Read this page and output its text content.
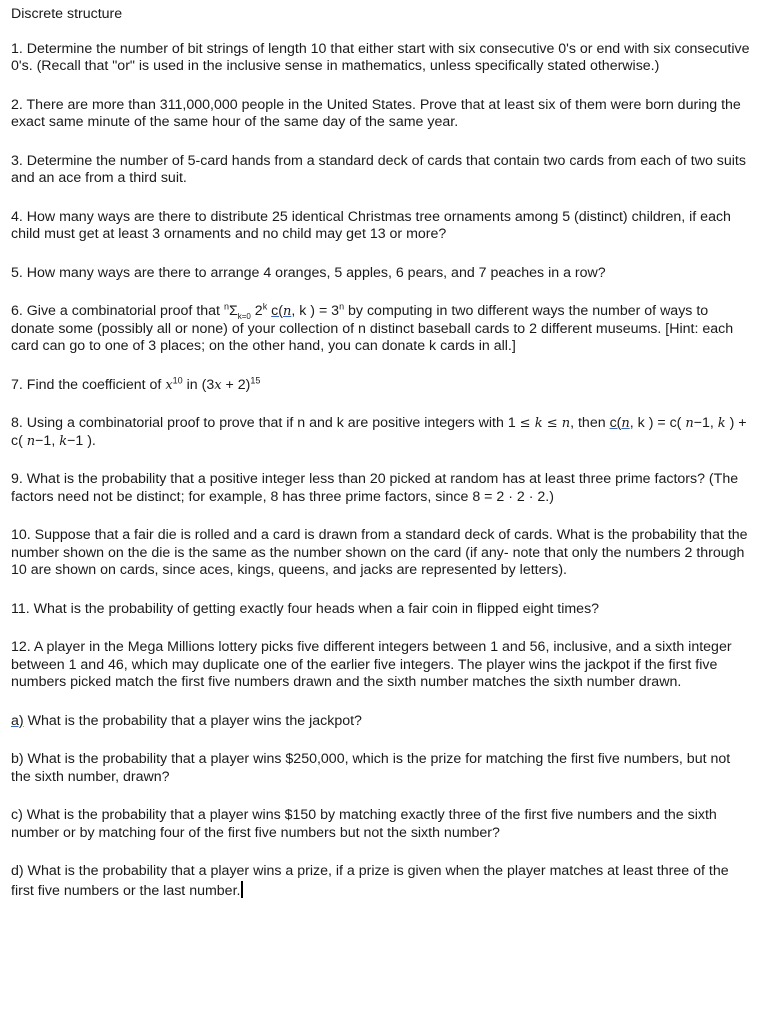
Discrete structure

1. Determine the number of bit strings of length 10 that either start with six consecutive 0's or end with six consecutive 0's. (Recall that "or" is used in the inclusive sense in mathematics, unless specifically stated otherwise.)

2. There are more than 311,000,000 people in the United States. Prove that at least six of them were born during the exact same minute of the same hour of the same day of the same year.

3. Determine the number of 5-card hands from a standard deck of cards that contain two cards from each of two suits and an ace from a third suit.

4. How many ways are there to distribute 25 identical Christmas tree ornaments among 5 (distinct) children, if each child must get at least 3 ornaments and no child may get 13 or more?

5. How many ways are there to arrange 4 oranges, 5 apples, 6 pears, and 7 peaches in a row?

6. Give a combinatorial proof that $^n\Sigma_{k=0}$ 2$^k$ c(n, k ) = $3^n$ by computing in two different ways the number of ways to donate some (possibly all or none) of your collection of n distinct baseball cards to 2 different museums. [Hint: each card can go to one of 3 places; on the other hand, you can donate k cards in all.]

7. Find the coefficient of $x^{10}$ in $(3x + 2)^{15}$

8. Using a combinatorial proof to prove that if n and k are positive integers with 1 ≤ k ≤ n, then c(n, k ) = c( n−1, k ) + c( n−1, k−1 ).

9. What is the probability that a positive integer less than 20 picked at random has at least three prime factors? (The factors need not be distinct; for example, 8 has three prime factors, since 8 = 2 · 2 · 2.)

10. Suppose that a fair die is rolled and a card is drawn from a standard deck of cards. What is the probability that the number shown on the die is the same as the number shown on the card (if any- note that only the numbers 2 through 10 are shown on cards, since aces, kings, queens, and jacks are represented by letters).

11. What is the probability of getting exactly four heads when a fair coin in flipped eight times?

12. A player in the Mega Millions lottery picks five different integers between 1 and 56, inclusive, and a sixth integer between 1 and 46, which may duplicate one of the earlier five integers. The player wins the jackpot if the first five numbers picked match the first five numbers drawn and the sixth number matches the sixth number drawn.

a) What is the probability that a player wins the jackpot?

b) What is the probability that a player wins $250,000, which is the prize for matching the first five numbers, but not the sixth number, drawn?

c) What is the probability that a player wins $150 by matching exactly three of the first five numbers and the sixth number or by matching four of the first five numbers but not the sixth number?

d) What is the probability that a player wins a prize, if a prize is given when the player matches at least three of the first five numbers or the last number.
